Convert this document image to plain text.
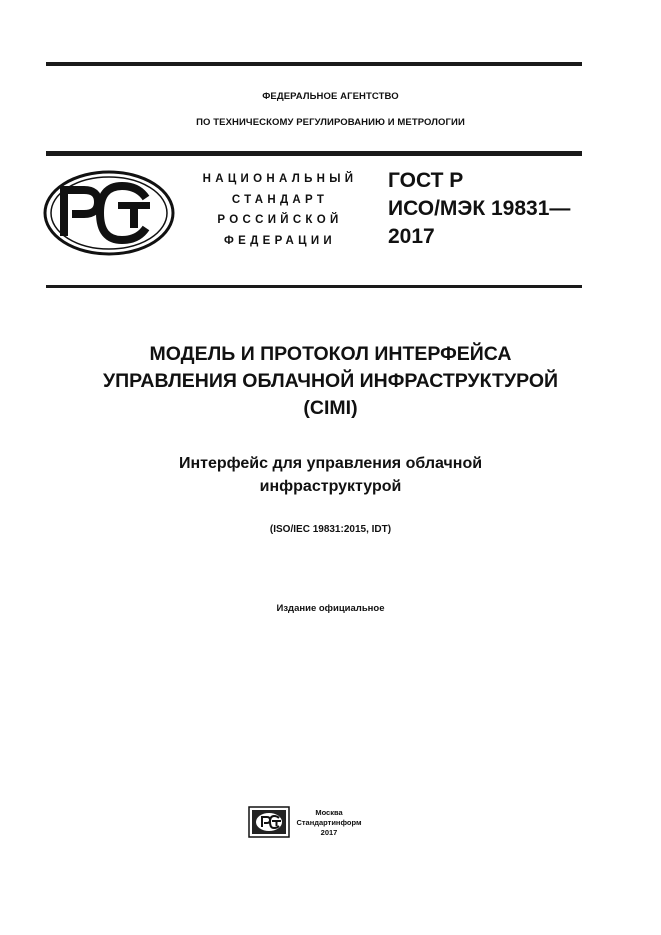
ФЕДЕРАЛЬНОЕ АГЕНТСТВО
ПО ТЕХНИЧЕСКОМУ РЕГУЛИРОВАНИЮ И МЕТРОЛОГИИ
НАЦИОНАЛЬНЫЙ
СТАНДАРТ
РОССИЙСКОЙ
ФЕДЕРАЦИИ
ГОСТ Р
ИСО/МЭК 19831—
2017
МОДЕЛЬ И ПРОТОКОЛ ИНТЕРФЕЙСА
УПРАВЛЕНИЯ ОБЛАЧНОЙ ИНФРАСТРУКТУРОЙ
(CIMI)
Интерфейс для управления облачной
инфраструктурой
(ISO/IEC 19831:2015, IDT)
Издание официальное
Москва
Стандартинформ
2017
